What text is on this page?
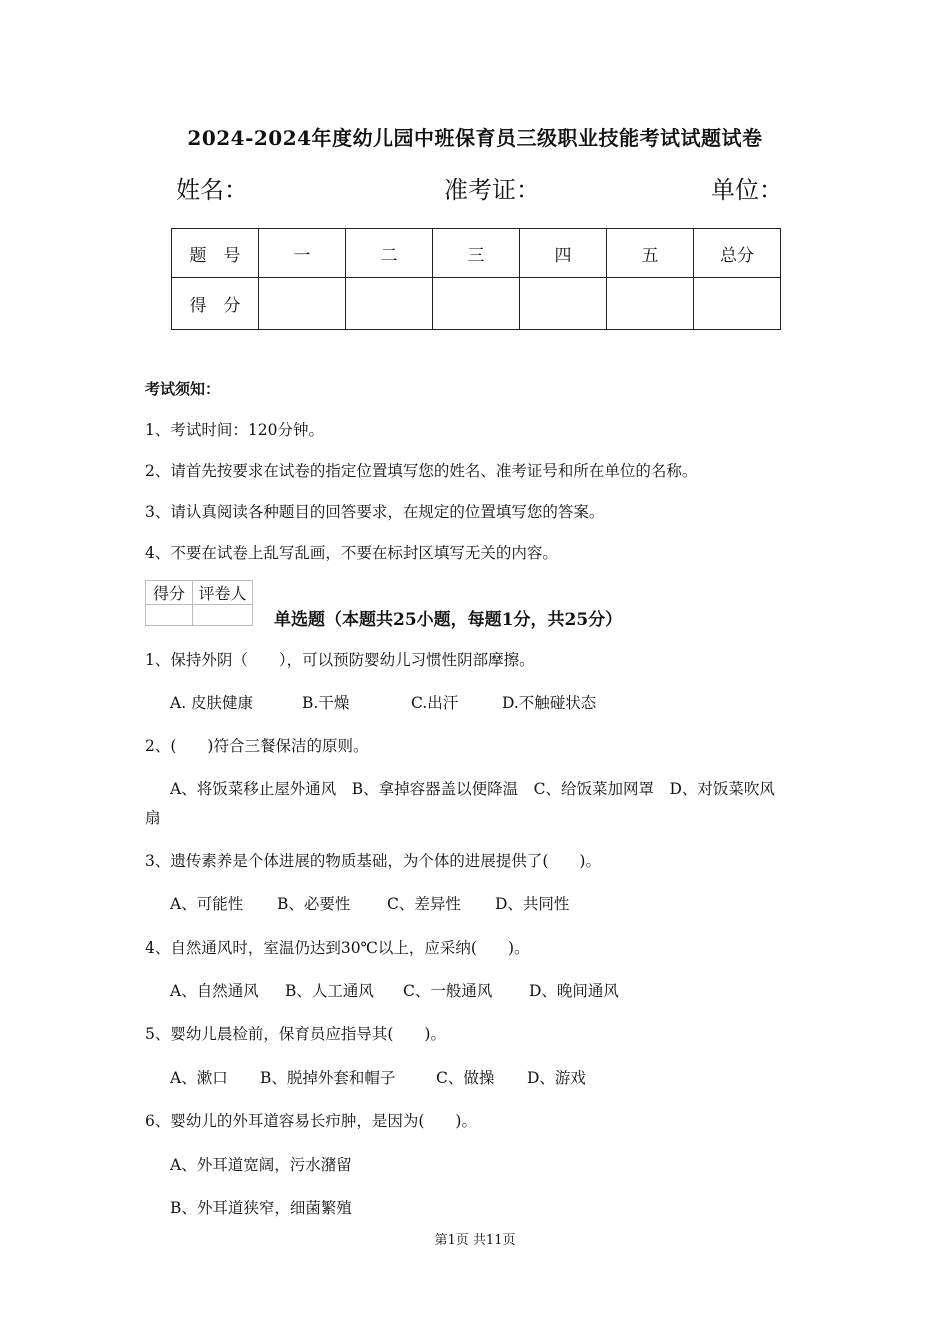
2024-2024年度幼儿园中班保育员三级职业技能考试试题试卷
姓名：	准考证：	单位：
题　号	一	二	三	四	五	总分
得　分						
考试须知：
1、考试时间：120分钟。
2、请首先按要求在试卷的指定位置填写您的姓名、准考证号和所在单位的名称。
3、请认真阅读各种题目的回答要求，在规定的位置填写您的答案。
4、不要在试卷上乱写乱画，不要在标封区填写无关的内容。
得分	评卷人

单选题（本题共25小题，每题1分，共25分）
1、保持外阴（　　），可以预防婴幼儿习惯性阴部摩擦。
A. 皮肤健康	B.干燥	C.出汗	D.不触碰状态
2、(　　)符合三餐保洁的原则。
A、将饭菜移止屋外通风　B、拿掉容器盖以便降温　C、给饭菜加网罩　D、对饭菜吹风
扇
3、遗传素养是个体进展的物质基础，为个体的进展提供了(　　)。
A、可能性 B、必要性 C、差异性 D、共同性
4、自然通风时，室温仍达到30℃以上，应采纳(　　)。
A、自然通风 B、人工通风 C、一般通风 D、晚间通风
5、婴幼儿晨检前，保育员应指导其(　　)。
A、漱口 B、脱掉外套和帽子	C、做操 D、游戏
6、婴幼儿的外耳道容易长疖肿，是因为(　　)。
A、外耳道宽阔，污水潴留
B、外耳道狭窄，细菌繁殖
第1页 共11页
